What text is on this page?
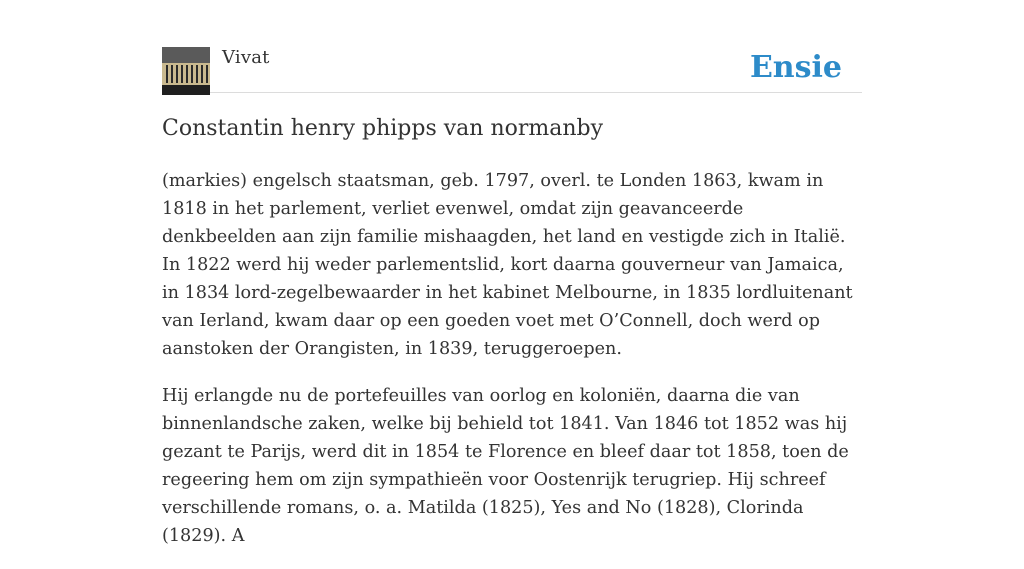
Vivat	Ensie
Constantin henry phipps van normanby

(markies) engelsch staatsman, geb. 1797, overl. te Londen 1863, kwam in 1818 in het parlement, verliet evenwel, omdat zijn geavanceerde denkbeelden aan zijn familie mishaagden, het land en vestigde zich in Italië. In 1822 werd hij weder parlementslid, kort daarna gouverneur van Jamaica, in 1834 lord-zegelbewaarder in het kabinet Melbourne, in 1835 lordluitenant van Ierland, kwam daar op een goeden voet met O’Connell, doch werd op aanstoken der Orangisten, in 1839, teruggeroepen.

Hij erlangde nu de portefeuilles van oorlog en koloniën, daarna die van binnenlandsche zaken, welke bij behield tot 1841. Van 1846 tot 1852 was hij gezant te Parijs, werd dit in 1854 te Florence en bleef daar tot 1858, toen de regeering hem om zijn sympathieën voor Oostenrijk terugriep. Hij schreef verschillende romans, o. a. Matilda (1825), Yes and No (1828), Clorinda (1829). A
